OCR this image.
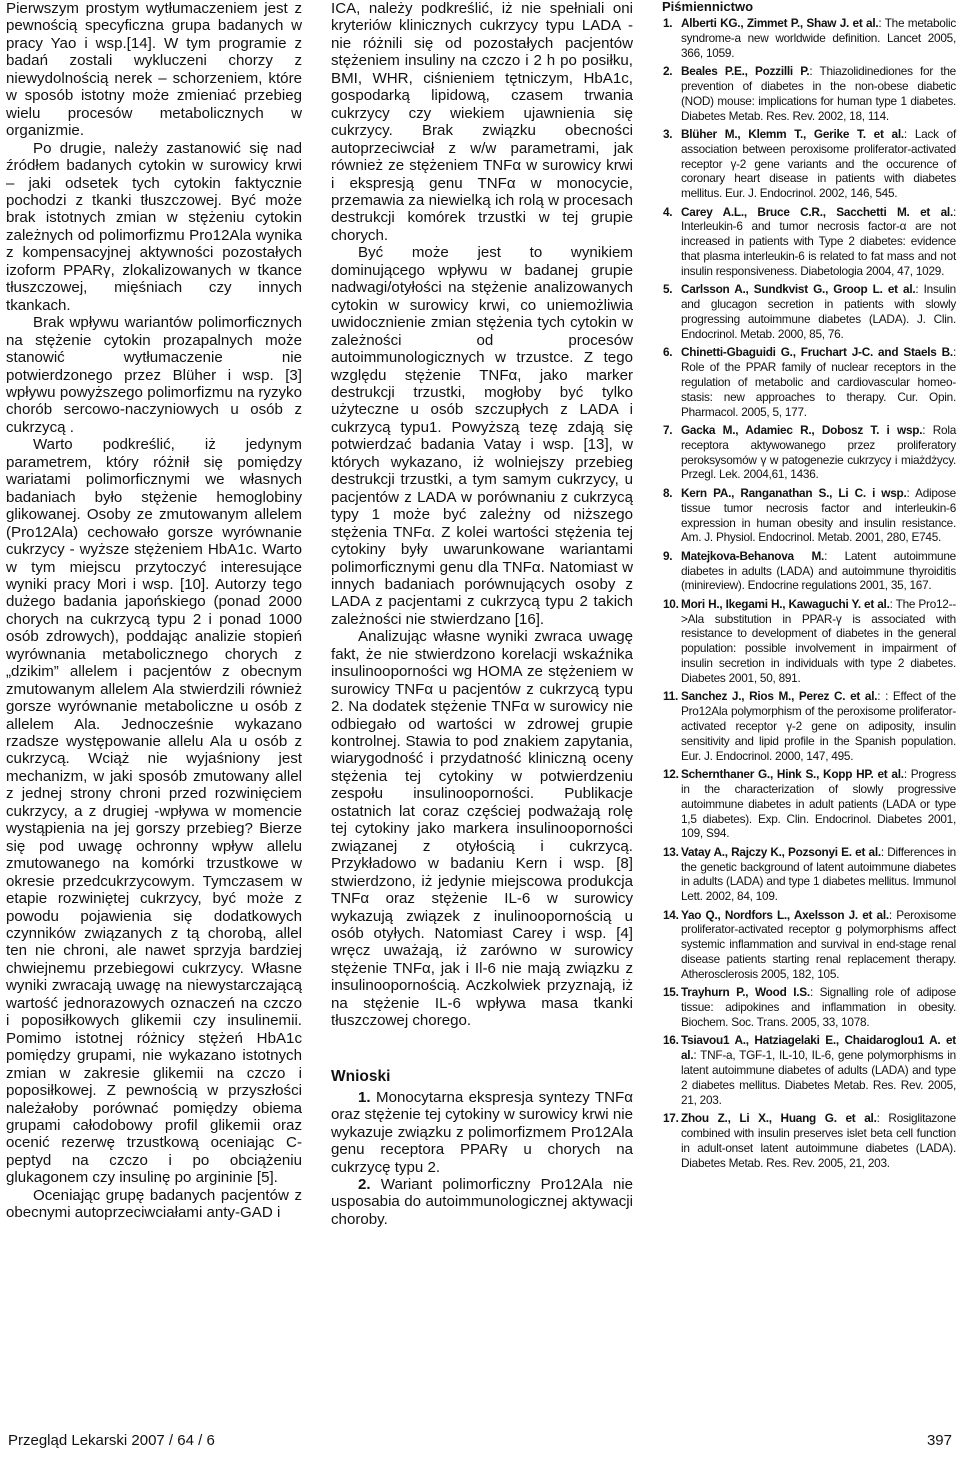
Pierwszym prostym wytłumaczeniem jest z pewnością specyficzna grupa badanych w pracy Yao i wsp.[14]. W tym programie z badań zostali wykluczeni chorzy z niewydolnością nerek – schorzeniem, które w sposób istotny może zmieniać przebieg wielu procesów metabolicznych w organizmie.

Po drugie, należy zastanowić się nad źródłem badanych cytokin w surowicy krwi – jaki odsetek tych cytokin faktycznie pochodzi z tkanki tłuszczowej. Być może brak istotnych zmian w stężeniu cytokin zależnych od polimorfizmu Pro12Ala wynika z kompensacyjnej aktywności pozostałych izoform PPARγ, zlokalizowanych w tkance tłuszczowej, mięśniach czy innych tkankach.

Brak wpływu wariantów polimorficznych na stężenie cytokin prozapalnych może stanowić wytłumaczenie nie potwierdzonego przez Blüher i wsp. [3] wpływu powyższego polimorfizmu na ryzyko chorób sercowo-naczyniowych u osób z cukrzycą .

Warto podkreślić, iż jedynym parametrem, który różnił się pomiędzy wariatami polimorficznymi we własnych badaniach było stężenie hemoglobiny glikowanej. Osoby ze zmutowanym allelem (Pro12Ala) cechowało gorsze wyrównanie cukrzycy - wyższe stężeniem HbA1c. Warto w tym miejscu przytoczyć interesujące wyniki pracy Mori i wsp. [10]. Autorzy tego dużego badania japońskiego (ponad 2000 chorych na cukrzycą typu 2 i ponad 1000 osób zdrowych), poddając analizie stopień wyrównania metabolicznego chorych z „dzikim” allelem i pacjentów z obecnym zmutowanym allelem Ala stwierdzili również gorsze wyrównanie metaboliczne u osób z allelem Ala. Jednocześnie wykazano rzadsze występowanie allelu Ala u osób z cukrzycą. Wciąż nie wyjaśniony jest mechanizm, w jaki sposób zmutowany allel z jednej strony chroni przed rozwinięciem cukrzycy, a z drugiej -wpływa w momencie wystąpienia na jej gorszy przebieg? Bierze się pod uwagę ochronny wpływ allelu zmutowanego na komórki trzustkowe w okresie przedcukrzycowym. Tymczasem w etapie rozwiniętej cukrzycy, być może z powodu pojawienia się dodatkowych czynników związanych z tą chorobą, allel ten nie chroni, ale nawet sprzyja bardziej chwiejnemu przebiegowi cukrzycy. Własne wyniki zwracają uwagę na niewystarczającą wartość jednorazowych oznaczeń na czczo i poposiłkowych glikemii czy insulinemii. Pomimo istotnej różnicy stężeń HbA1c pomiędzy grupami, nie wykazano istotnych zmian w zakresie glikemii na czczo i poposiłkowej. Z pewnością w przyszłości należałoby porównać pomiędzy obiema grupami całodobowy profil glikemii oraz ocenić rezerwę trzustkową oceniając C-peptyd na czczo i po obciążeniu glukagonem czy insulinę po argininie [5].

Oceniając grupę badanych pacjentów z obecnymi autoprzeciwciałami anty-GAD i

ICA, należy podkreślić, iż nie spełniali oni kryteriów klinicznych cukrzycy typu LADA - nie różnili się od pozostałych pacjentów stężeniem insuliny na czczo i 2 h po posiłku, BMI, WHR, ciśnieniem tętniczym, HbA1c, gospodarką lipidową, czasem trwania cukrzycy czy wiekiem ujawnienia się cukrzycy. Brak związku obecności autoprzeciwciał z w/w parametrami, jak również ze stężeniem TNFα w surowicy krwi i ekspresją genu TNFα w monocycie, przemawia za niewielką ich rolą w procesach destrukcji komórek trzustki w tej grupie chorych.

Być może jest to wynikiem dominującego wpływu w badanej grupie nadwagi/otyłości na stężenie analizowanych cytokin w surowicy krwi, co uniemożliwia uwidocznienie zmian stężenia tych cytokin w zależności od procesów autoimmunologicznych w trzustce. Z tego względu stężenie TNFα, jako marker destrukcji trzustki, mogłoby być tylko użyteczne u osób szczupłych z LADA i cukrzycą typu1. Powyższą tezę zdają się potwierdzać badania Vatay i wsp. [13], w których wykazano, iż wolniejszy przebieg destrukcji trzustki, a tym samym cukrzycy, u pacjentów z LADA w porównaniu z cukrzycą typy 1 może być zależny od niższego stężenia TNFα. Z kolei wartości stężenia tej cytokiny były uwarunkowane wariantami polimorficznymi genu dla TNFα. Natomiast w innych badaniach porównujących osoby z LADA z pacjentami z cukrzycą typu 2 takich zależności nie stwierdzano [16].

Analizując własne wyniki zwraca uwagę fakt, że nie stwierdzono korelacji wskaźnika insulinooporności wg HOMA ze stężeniem w surowicy TNFα u pacjentów z cukrzycą typu 2. Na dodatek stężenie TNFα w surowicy nie odbiegało od wartości w zdrowej grupie kontrolnej. Stawia to pod znakiem zapytania, wiarygodność i przydatność kliniczną oceny stężenia tej cytokiny w potwierdzeniu zespołu insulinooporności. Publikacje ostatnich lat coraz częściej podważają rolę tej cytokiny jako markera insulinooporności związanej z otyłością i cukrzycą. Przykładowo w badaniu Kern i wsp. [8] stwierdzono, iż jedynie miejscowa produkcja TNFα oraz stężenie IL-6 w surowicy wykazują związek z inulinoopornością u osób otyłych. Natomiast Carey i wsp. [4] wręcz uważają, iż zarówno w surowicy stężenie TNFα, jak i Il-6 nie mają związku z insulinoopornością. Aczkolwiek przyznają, iż na stężenie IL-6 wpływa masa tkanki tłuszczowej chorego.

Wnioski

1. Monocytarna ekspresja syntezy TNFα oraz stężenie tej cytokiny w surowicy krwi nie wykazuje związku z polimorfizmem Pro12Ala genu receptora PPARγ u chorych na cukrzycę typu 2.

2. Wariant polimorficzny Pro12Ala nie usposabia do autoimmunologicznej aktywacji choroby.

Piśmiennictwo
1. Alberti KG., Zimmet P., Shaw J. et al.: The metabolic syndrome-a new worldwide definition. Lancet 2005, 366, 1059.
2. Beales P.E., Pozzilli P.: Thiazolidinediones for the prevention of diabetes in the non-obese diabetic (NOD) mouse: implications for human type 1 diabetes. Diabetes Metab. Res. Rev. 2002, 18, 114.
3. Blüher M., Klemm T., Gerike T. et al.: Lack of association between peroxisome proliferator-activated receptor γ-2 gene variants and the occurence of coronary heart disease in patients with diabetes mellitus. Eur. J. Endocrinol. 2002, 146, 545.
4. Carey A.L., Bruce C.R., Sacchetti M. et al.: Interleukin-6 and tumor necrosis factor-α are not increased in patients with Type 2 diabetes: evidence that plasma interleukin-6 is related to fat mass and not insulin responsiveness. Diabetologia 2004, 47, 1029.
5. Carlsson A., Sundkvist G., Groop L. et al.: Insulin and glucagon secretion in patients with slowly progressing autoimmune diabetes (LADA). J. Clin. Endocrinol. Metab. 2000, 85, 76.
6. Chinetti-Gbaguidi G., Fruchart J-C. and Staels B.: Role of the PPAR family of nuclear receptors in the regulation of metabolic and cardiovascular homeo-stasis: new approaches to therapy. Cur. Opin. Pharmacol. 2005, 5, 177.
7. Gacka M., Adamiec R., Dobosz T. i wsp.: Rola receptora aktywowanego przez proliferatory peroksysomów γ w patogenezie cukrzycy i miażdżycy. Przegl. Lek. 2004,61, 1436.
8. Kern PA., Ranganathan S., Li C. i wsp.: Adipose tissue tumor necrosis factor and interleukin-6 expression in human obesity and insulin resistance. Am. J. Physiol. Endocrinol. Metab. 2001, 280, E745.
9. Matejkova-Behanova M.: Latent autoimmune diabetes in adults (LADA) and autoimmune thyroiditis (minireview). Endocrine regulations 2001, 35, 167.
10. Mori H., Ikegami H., Kawaguchi Y. et al.: The Pro12-->Ala substitution in PPAR-γ is associated with resistance to development of diabetes in the general population: possible involvement in impairment of insulin secretion in individuals with type 2 diabetes. Diabetes 2001, 50, 891.
11. Sanchez J., Rios M., Perez C. et al.: : Effect of the Pro12Ala polymorphism of the peroxisome proliferator-activated receptor γ-2 gene on adiposity, insulin sensitivity and lipid profile in the Spanish population. Eur. J. Endocrinol. 2000, 147, 495.
12. Schernthaner G., Hink S., Kopp HP. et al.: Progress in the characterization of slowly progressive autoimmune diabetes in adult patients (LADA or type 1,5 diabetes). Exp. Clin. Endocrinol. Diabetes 2001, 109, S94.
13. Vatay A., Rajczy K., Pozsonyi E. et al.: Differences in the genetic background of latent autoimmune diabetes in adults (LADA) and type 1 diabetes mellitus. Immunol Lett. 2002, 84, 109.
14. Yao Q., Nordfors L., Axelsson J. et al.: Peroxisome proliferator-activated receptor g polymorphisms affect systemic inflammation and survival in end-stage renal disease patients starting renal replacement therapy. Atherosclerosis 2005, 182, 105.
15. Trayhurn P., Wood I.S.: Signalling role of adipose tissue: adipokines and inflammation in obesity. Biochem. Soc. Trans. 2005, 33, 1078.
16. Tsiavou1 A., Hatziagelaki E., Chaidaroglou1 A. et al.: TNF-a, TGF-1, IL-10, IL-6, gene polymorphisms in latent autoimmune diabetes of adults (LADA) and type 2 diabetes mellitus. Diabetes Metab. Res. Rev. 2005, 21, 203.
17. Zhou Z., Li X., Huang G. et al.: Rosiglitazone combined with insulin preserves islet beta cell function in adult-onset latent autoimmune diabetes (LADA). Diabetes Metab. Res. Rev. 2005, 21, 203.
Przegląd Lekarski 2007 / 64 / 6	397
